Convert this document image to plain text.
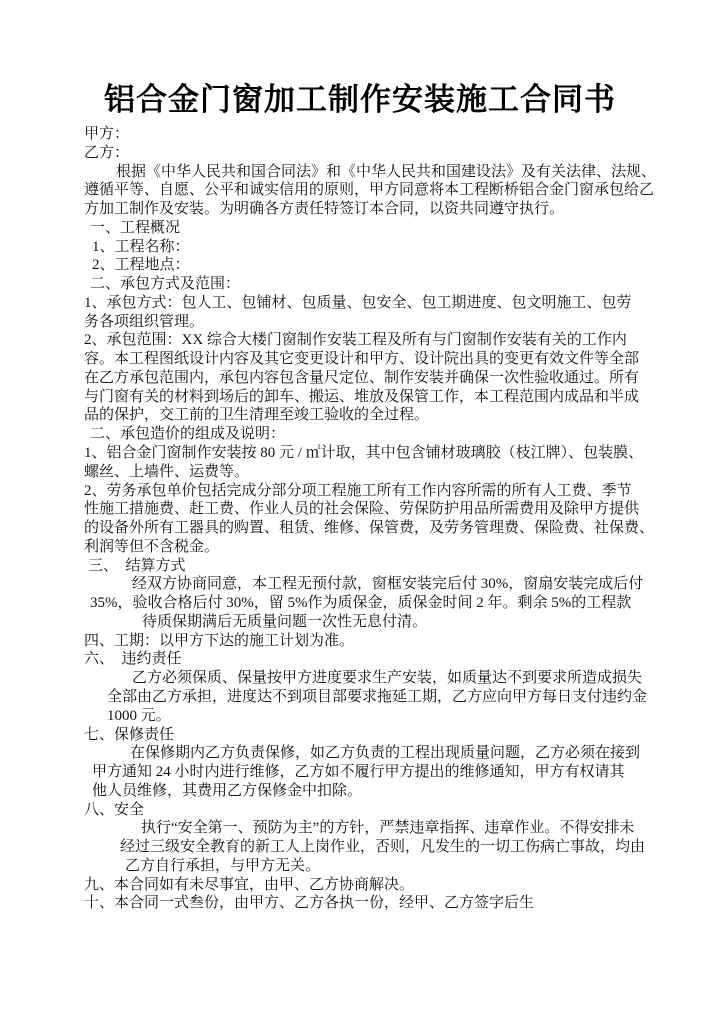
铝合金门窗加工制作安装施工合同书
甲方：
乙方：
根据《中华人民共和国合同法》和《中华人民共和国建设法》及有关法律、法规、
遵循平等、自愿、公平和诚实信用的原则，甲方同意将本工程断桥铝合金门窗承包给乙
方加工制作及安装。为明确各方责任特签订本合同，以资共同遵守执行。
一、工程概况
1、工程名称：
2、工程地点：
二、承包方式及范围：
1、承包方式：包人工、包铺材、包质量、包安全、包工期进度、包文明施工、包劳
务各项组织管理。
2、承包范围：XX 综合大楼门窗制作安装工程及所有与门窗制作安装有关的工作内
容。本工程图纸设计内容及其它变更设计和甲方、设计院出具的变更有效文件等全部
在乙方承包范围内，承包内容包含量尺定位、制作安装并确保一次性验收通过。所有
与门窗有关的材料到场后的卸车、搬运、堆放及保管工作，本工程范围内成品和半成
品的保护，交工前的卫生清理至竣工验收的全过程。
二、承包造价的组成及说明：
1、铝合金门窗制作安装按 80 元 / ㎡计取，其中包含铺材玻璃胶（枝江牌）、包装膜、
螺丝、上墙件、运费等。
2、劳务承包单价包括完成分部分项工程施工所有工作内容所需的所有人工费、季节
性施工措施费、赶工费、作业人员的社会保险、劳保防护用品所需费用及除甲方提供
的设备外所有工器具的购置、租赁、维修、保管费，及劳务管理费、保险费、社保费、
利润等但不含税金。
三、　结算方式
经双方协商同意，本工程无预付款，窗框安装完后付 30%，窗扇安装完成后付
35%，验收合格后付 30%，留 5%作为质保金，质保金时间 2 年。剩余 5%的工程款
待质保期满后无质量问题一次性无息付清。
四、工期：以甲方下达的施工计划为准。
六、　违约责任
乙方必须保质、保量按甲方进度要求生产安装，如质量达不到要求所造成损失
全部由乙方承担，进度达不到项目部要求拖延工期，乙方应向甲方每日支付违约金
1000 元。
七、保修责任
在保修期内乙方负责保修，如乙方负责的工程出现质量问题，乙方必须在接到
甲方通知 24 小时内进行维修，乙方如不履行甲方提出的维修通知，甲方有权请其
他人员维修，其费用乙方保修金中扣除。
八、安全
执行“安全第一、预防为主”的方针，严禁违章指挥、违章作业。不得安排未
经过三级安全教育的新工人上岗作业，否则，凡发生的一切工伤病亡事故，均由
乙方自行承担，与甲方无关。
九、本合同如有未尽事宜，由甲、乙方协商解决。
十、本合同一式叁份，由甲方、乙方各执一份，经甲、乙方签字后生
